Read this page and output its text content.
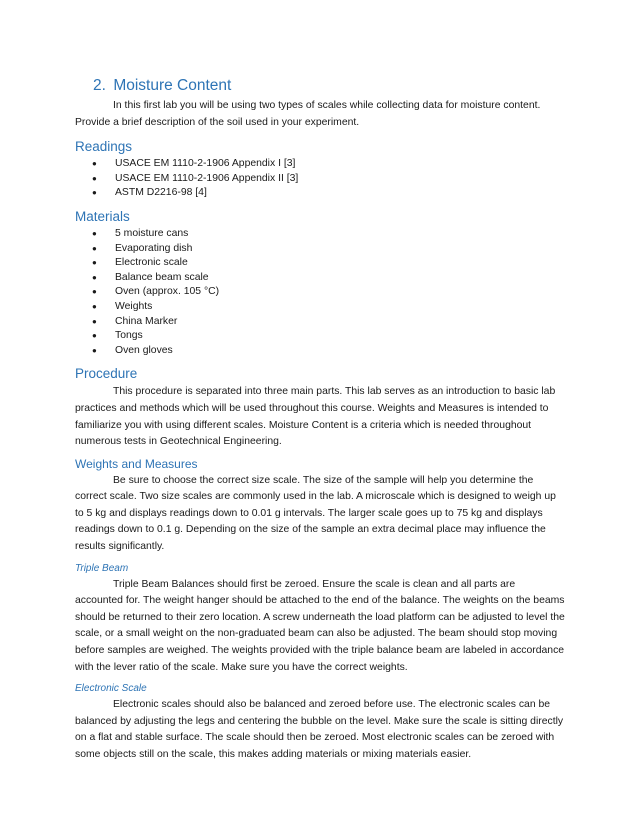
2. Moisture Content

In this first lab you will be using two types of scales while collecting data for moisture content. Provide a brief description of the soil used in your experiment.

Readings
● USACE EM 1110-2-1906 Appendix I [3]
● USACE EM 1110-2-1906 Appendix II [3]
● ASTM D2216-98 [4]
Materials
● 5 moisture cans
● Evaporating dish
● Electronic scale
● Balance beam scale
● Oven (approx. 105 °C)
● Weights
● China Marker
● Tongs
● Oven gloves
Procedure

This procedure is separated into three main parts. This lab serves as an introduction to basic lab practices and methods which will be used throughout this course. Weights and Measures is intended to familiarize you with using different scales. Moisture Content is a criteria which is needed throughout numerous tests in Geotechnical Engineering.

Weights and Measures

Be sure to choose the correct size scale. The size of the sample will help you determine the correct scale. Two size scales are commonly used in the lab. A microscale which is designed to weigh up to 5 kg and displays readings down to 0.01 g intervals. The larger scale goes up to 75 kg and displays readings down to 0.1 g. Depending on the size of the sample an extra decimal place may influence the results significantly.

Triple Beam

Triple Beam Balances should first be zeroed. Ensure the scale is clean and all parts are accounted for. The weight hanger should be attached to the end of the balance. The weights on the beams should be returned to their zero location. A screw underneath the load platform can be adjusted to level the scale, or a small weight on the non-graduated beam can also be adjusted. The beam should stop moving before samples are weighed. The weights provided with the triple balance beam are labeled in accordance with the lever ratio of the scale. Make sure you have the correct weights.

Electronic Scale

Electronic scales should also be balanced and zeroed before use. The electronic scales can be balanced by adjusting the legs and centering the bubble on the level. Make sure the scale is sitting directly on a flat and stable surface. The scale should then be zeroed. Most electronic scales can be zeroed with some objects still on the scale, this makes adding materials or mixing materials easier.
